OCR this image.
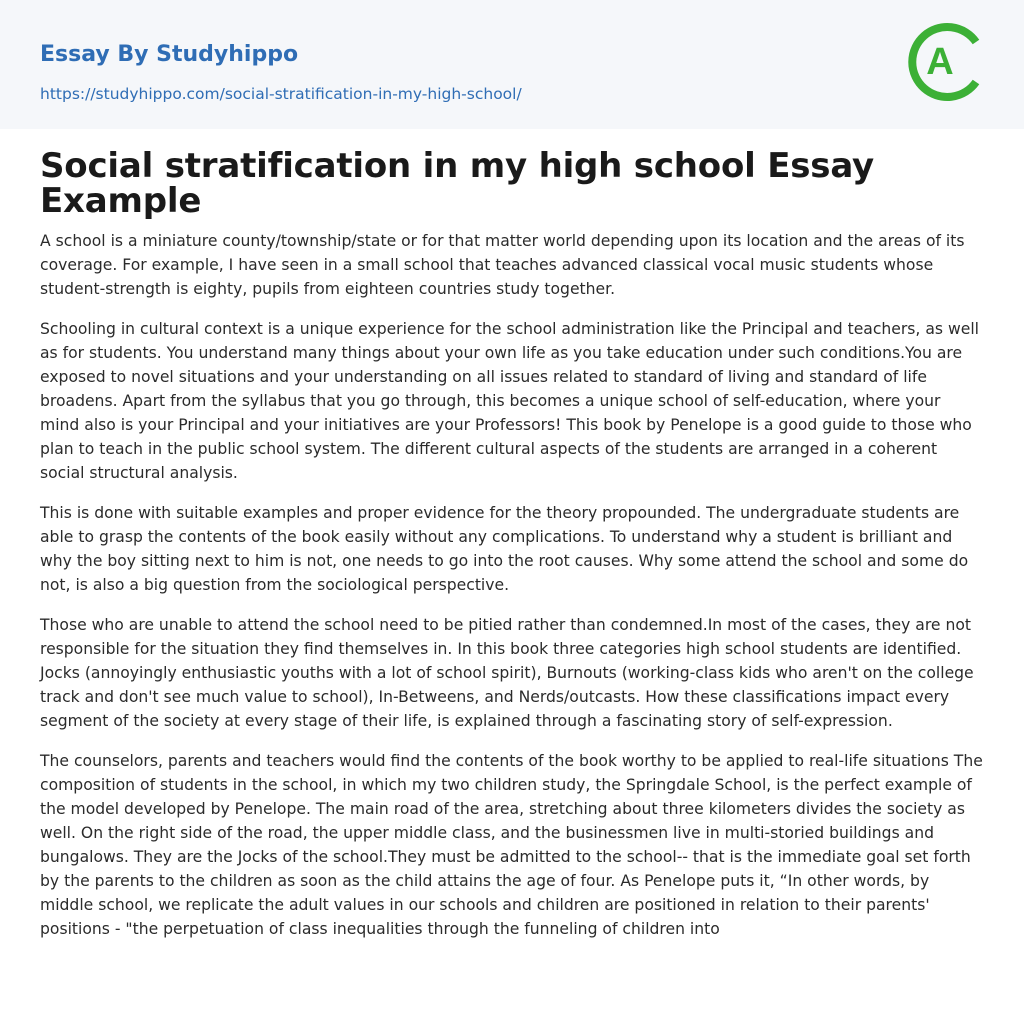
Essay By Studyhippo
https://studyhippo.com/social-stratification-in-my-high-school/
A
Social stratification in my high school Essay Example

A school is a miniature county/township/state or for that matter world depending upon its location and the areas of its coverage. For example, I have seen in a small school that teaches advanced classical vocal music students whose student-strength is eighty, pupils from eighteen countries study together.

Schooling in cultural context is a unique experience for the school administration like the Principal and teachers, as well as for students. You understand many things about your own life as you take education under such conditions.You are exposed to novel situations and your understanding on all issues related to standard of living and standard of life broadens. Apart from the syllabus that you go through, this becomes a unique school of self-education, where your mind also is your Principal and your initiatives are your Professors! This book by Penelope is a good guide to those who plan to teach in the public school system. The different cultural aspects of the students are arranged in a coherent social structural analysis.

This is done with suitable examples and proper evidence for the theory propounded. The undergraduate students are able to grasp the contents of the book easily without any complications. To understand why a student is brilliant and why the boy sitting next to him is not, one needs to go into the root causes. Why some attend the school and some do not, is also a big question from the sociological perspective.

Those who are unable to attend the school need to be pitied rather than condemned.In most of the cases, they are not responsible for the situation they find themselves in. In this book three categories high school students are identified. Jocks (annoyingly enthusiastic youths with a lot of school spirit), Burnouts (working-class kids who aren't on the college track and don't see much value to school), In-Betweens, and Nerds/outcasts. How these classifications impact every segment of the society at every stage of their life, is explained through a fascinating story of self-expression.

The counselors, parents and teachers would find the contents of the book worthy to be applied to real-life situations The composition of students in the school, in which my two children study, the Springdale School, is the perfect example of the model developed by Penelope. The main road of the area, stretching about three kilometers divides the society as well. On the right side of the road, the upper middle class, and the businessmen live in multi-storied buildings and bungalows. They are the Jocks of the school.They must be admitted to the school-- that is the immediate goal set forth by the parents to the children as soon as the child attains the age of four. As Penelope puts it, “In other words, by middle school, we replicate the adult values in our schools and children are positioned in relation to their parents' positions - "the perpetuation of class inequalities through the funneling of children into
